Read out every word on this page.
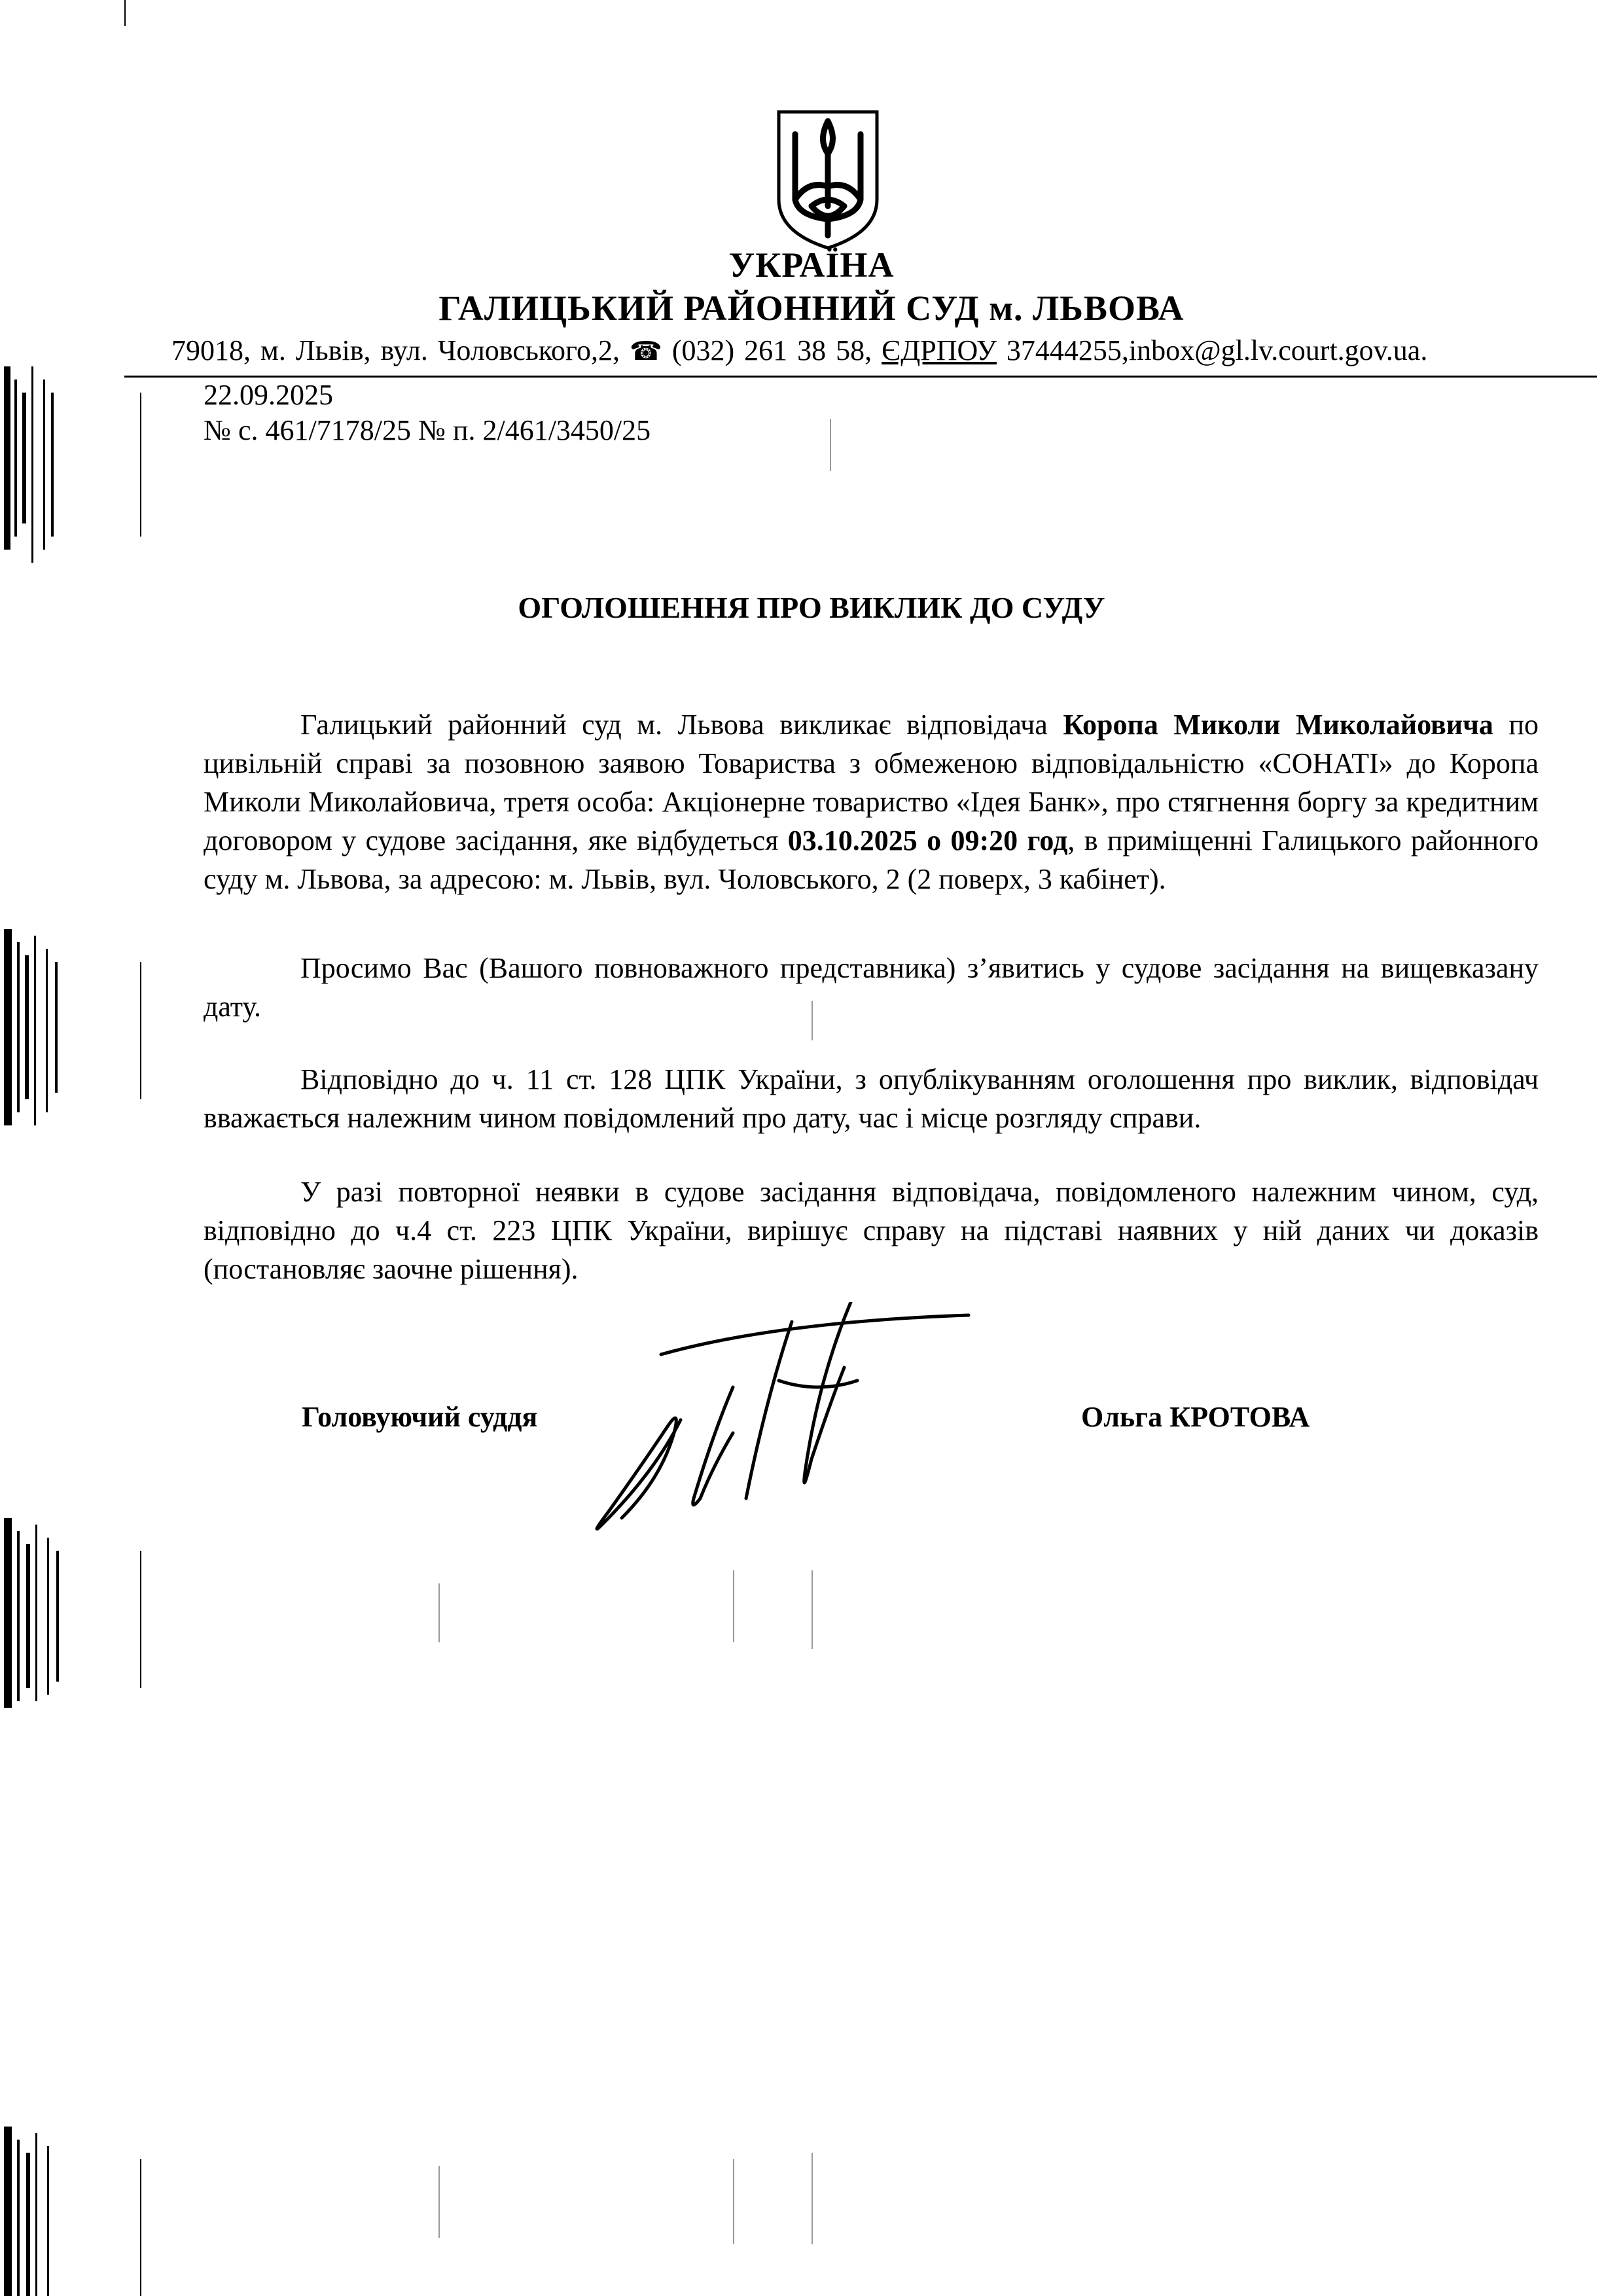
УКРАЇНА
ГАЛИЦЬКИЙ РАЙОННИЙ СУД м. ЛЬВОВА
79018, м. Львів, вул. Чоловського,2, ☎ (032) 261 38 58, ЄДРПОУ 37444255,inbox@gl.lv.court.gov.ua.
22.09.2025
№ с. 461/7178/25 № п. 2/461/3450/25
ОГОЛОШЕННЯ ПРО ВИКЛИК ДО СУДУ

Галицький районний суд м. Львова викликає відповідача Коропа Миколи Миколайовича по цивільній справі за позовною заявою Товариства з обмеженою відповідальністю «СОНАТІ» до Коропа Миколи Миколайовича, третя особа: Акціонерне товариство «Ідея Банк», про стягнення боргу за кредитним договором у судове засідання, яке відбудеться 03.10.2025 о 09:20 год, в приміщенні Галицького районного суду м. Львова, за адресою: м. Львів, вул. Чоловського, 2 (2 поверх, 3 кабінет).

Просимо Вас (Вашого повноважного представника) з’явитись у судове засідання на вищевказану дату.

Відповідно до ч. 11 ст. 128 ЦПК України, з опублікуванням оголошення про виклик, відповідач вважається належним чином повідомлений про дату, час і місце розгляду справи.

У разі повторної неявки в судове засідання відповідача, повідомленого належним чином, суд, відповідно до ч.4 ст. 223 ЦПК України, вирішує справу на підставі наявних у ній даних чи доказів (постановляє заочне рішення).

Головуючий суддя	Ольга КРОТОВА
